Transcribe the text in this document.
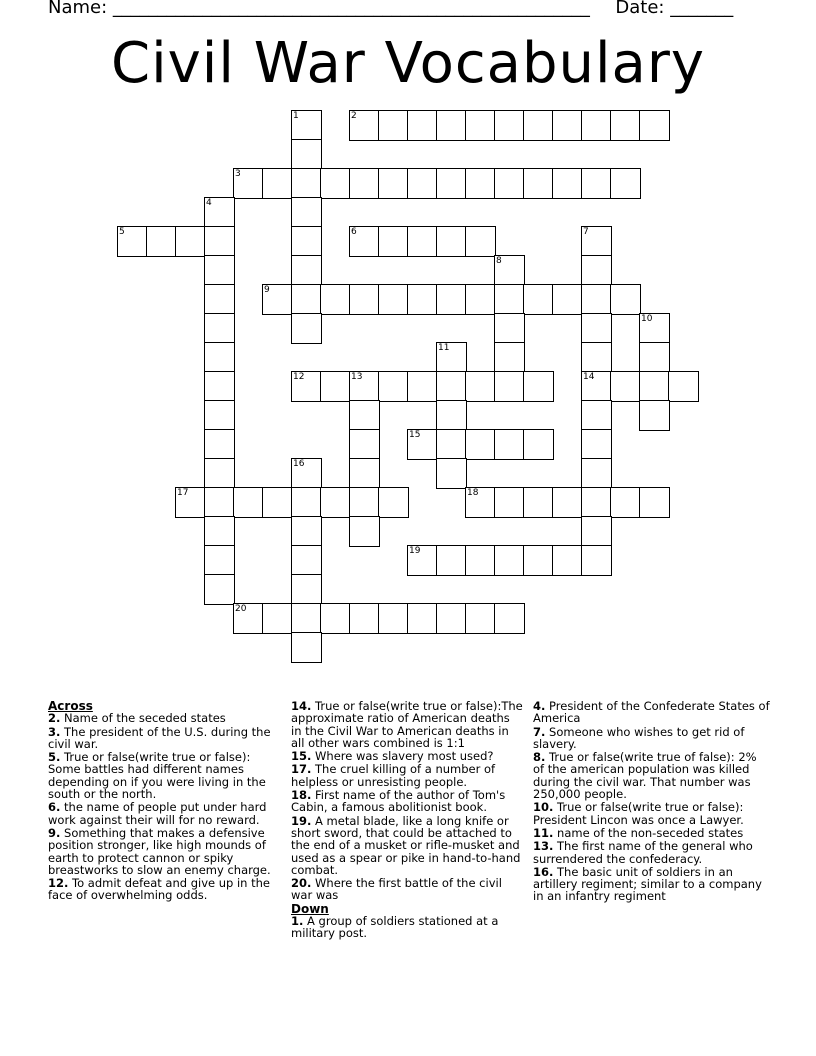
Name: _____________________________________________________ Date: _______
Civil War Vocabulary
1	2
3
4
5	6	7
8
9
10
11
12	13	14
15
16
17	18
19
20
Across
2. Name of the seceded states
3. The president of the U.S. during the civil war.
5. True or false(write true or false): Some battles had different names depending on if you were living in the south or the north.
6. the name of people put under hard work against their will for no reward.
9. Something that makes a defensive position stronger, like high mounds of earth to protect cannon or spiky breastworks to slow an enemy charge.
12. To admit defeat and give up in the face of overwhelming odds.
14. True or false(write true or false):The approximate ratio of American deaths in the Civil War to American deaths in all other wars combined is 1:1
15. Where was slavery most used?
17. The cruel killing of a number of helpless or unresisting people.
18. First name of the author of Tom's Cabin, a famous abolitionist book.
19. A metal blade, like a long knife or short sword, that could be attached to the end of a musket or rifle-musket and used as a spear or pike in hand-to-hand combat.
20. Where the first battle of the civil war was
Down
1. A group of soldiers stationed at a military post.
4. President of the Confederate States of America
7. Someone who wishes to get rid of slavery.
8. True or false(write true of false): 2% of the american population was killed during the civil war. That number was 250,000 people.
10. True or false(write true or false): President Lincon was once a Lawyer.
11. name of the non-seceded states
13. The first name of the general who surrendered the confederacy.
16. The basic unit of soldiers in an artillery regiment; similar to a company in an infantry regiment
